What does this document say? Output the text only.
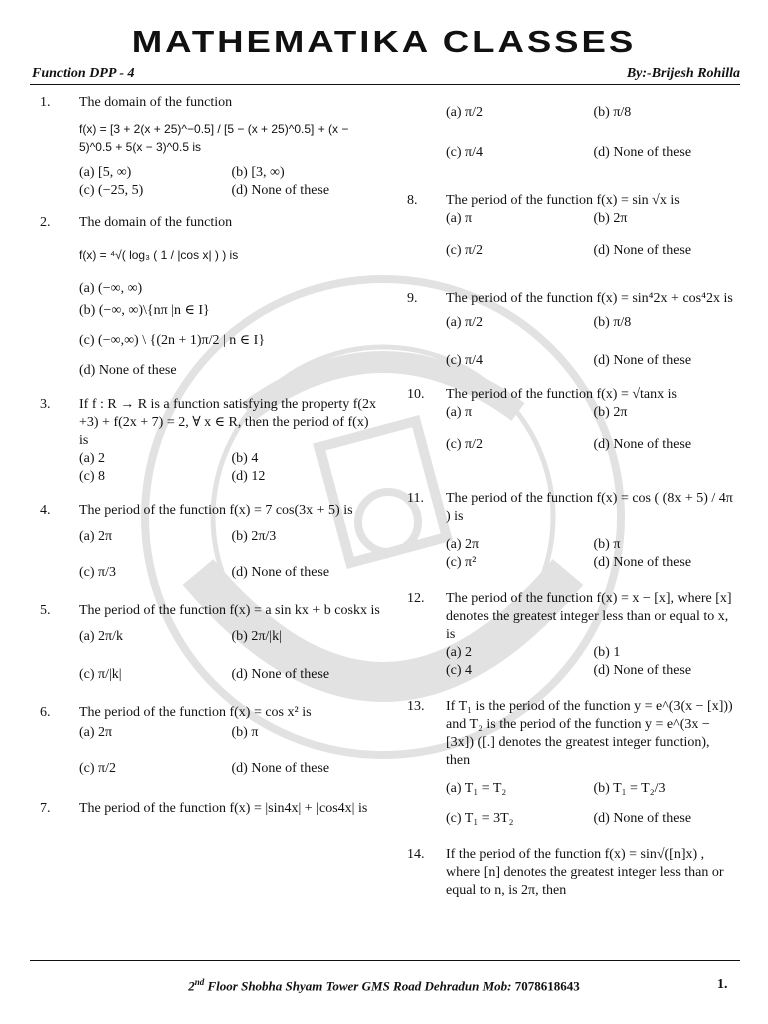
MATHEMATIKA CLASSES
Function DPP - 4	By:-Brijesh Rohilla
1. The domain of the function
f(x) = [3 + 2(x + 25)^−0.5] / [5 − (x + 25)^0.5] + (x − 5)^0.5 + 5(x − 3)^0.5 is
(a) [5, ∞)	(b) [3, ∞)
(c) (−25, 5)	(d) None of these
2. The domain of the function
f(x) = ⁴√( log₃ ( 1 / |cos x| ) ) is
(a) (−∞, ∞)
(b) (−∞, ∞)\{nπ |n ∈ I}
(c) (−∞,∞) \ {(2n + 1)π/2 | n ∈ I}
(d) None of these
3. If f : R → R is a function satisfying the property f(2x +3) + f(2x + 7) = 2, ∀ x ∈ R, then the period of f(x) is
(a) 2	(b) 4
(c) 8	(d) 12
4. The period of the function f(x) = 7 cos(3x + 5) is
(a) 2π	(b) 2π/3
(c) π/3	(d) None of these
5. The period of the function f(x) = a sin kx + b coskx is
(a) 2π/k	(b) 2π/|k|
(c) π/|k|	(d) None of these
6. The period of the function f(x) = cos x² is
(a) 2π	(b) π
(c) π/2	(d) None of these
7. The period of the function f(x) = |sin4x| + |cos4x| is
(a) π/2	(b) π/8
(c) π/4	(d) None of these
8. The period of the function f(x) = sin √x is
(a) π	(b) 2π
(c) π/2	(d) None of these
9. The period of the function f(x) = sin⁴2x + cos⁴2x is
(a) π/2	(b) π/8
(c) π/4	(d) None of these
10. The period of the function f(x) = √tanx is
(a) π	(b) 2π
(c) π/2	(d) None of these
11. The period of the function f(x) = cos ( (8x + 5) / 4π ) is
(a) 2π	(b) π
(c) π²	(d) None of these
12. The period of the function f(x) = x − [x], where [x] denotes the greatest integer less than or equal to x, is
(a) 2	(b) 1
(c) 4	(d) None of these
13. If T₁ is the period of the function y = e^(3(x − [x])) and T₂ is the period of the function y = e^(3x − [3x]) ([.] denotes the greatest integer function), then
(a) T₁ = T₂	(b) T₁ = T₂/3
(c) T₁ = 3T₂	(d) None of these
14. If the period of the function f(x) = sin√([n]x) , where [n] denotes the greatest integer less than or equal to n, is 2π, then
2nd Floor Shobha Shyam Tower GMS Road Dehradun Mob: 7078618643	1.
